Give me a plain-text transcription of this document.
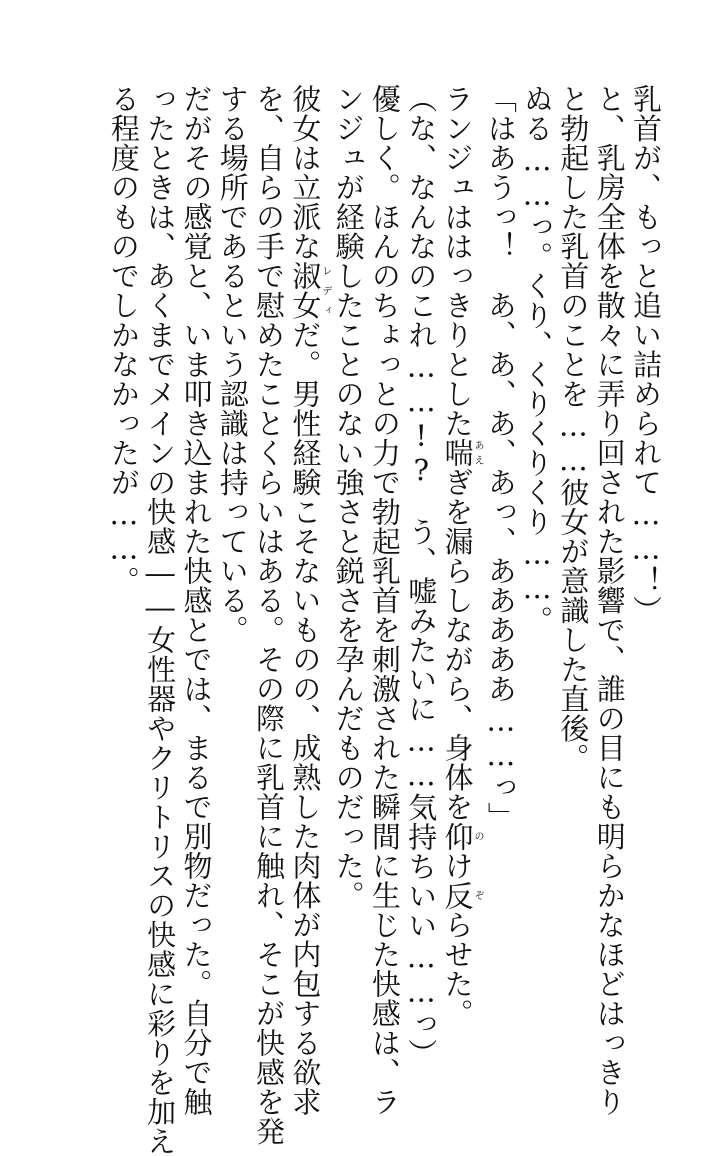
乳首が、もっと追い詰められて……！）
と、乳房全体を散々に弄り回された影響で、誰の目にも明らかなほどはっきり
と勃起した乳首のことを……彼女が意識した直後。
ぬる……っ。くり、くりくりくり……。
「はあうっ！　あ、あ、あ、あっ、あああああ……っ」
ランジュははっきりとした喘あえぎを漏らしながら、身体を仰のけ反ぞらせた。
（な、なんなのこれ……!?　う、嘘みたいに……気持ちいい……っ）
優しく。ほんのちょっとの力で勃起乳首を刺激された瞬間に生じた快感は、ラ
ンジュが経験したことのない強さと鋭さを孕んだものだった。
彼女は立派な淑女レディだ。男性経験こそないものの、成熟した肉体が内包する欲求
を、自らの手で慰めたことくらいはある。その際に乳首に触れ、そこが快感を発
する場所であるという認識は持っている。
だがその感覚と、いま叩き込まれた快感とでは、まるで別物だった。自分で触
ったときは、あくまでメインの快感――女性器やクリトリスの快感に彩りを加え
る程度のものでしかなかったが……。
